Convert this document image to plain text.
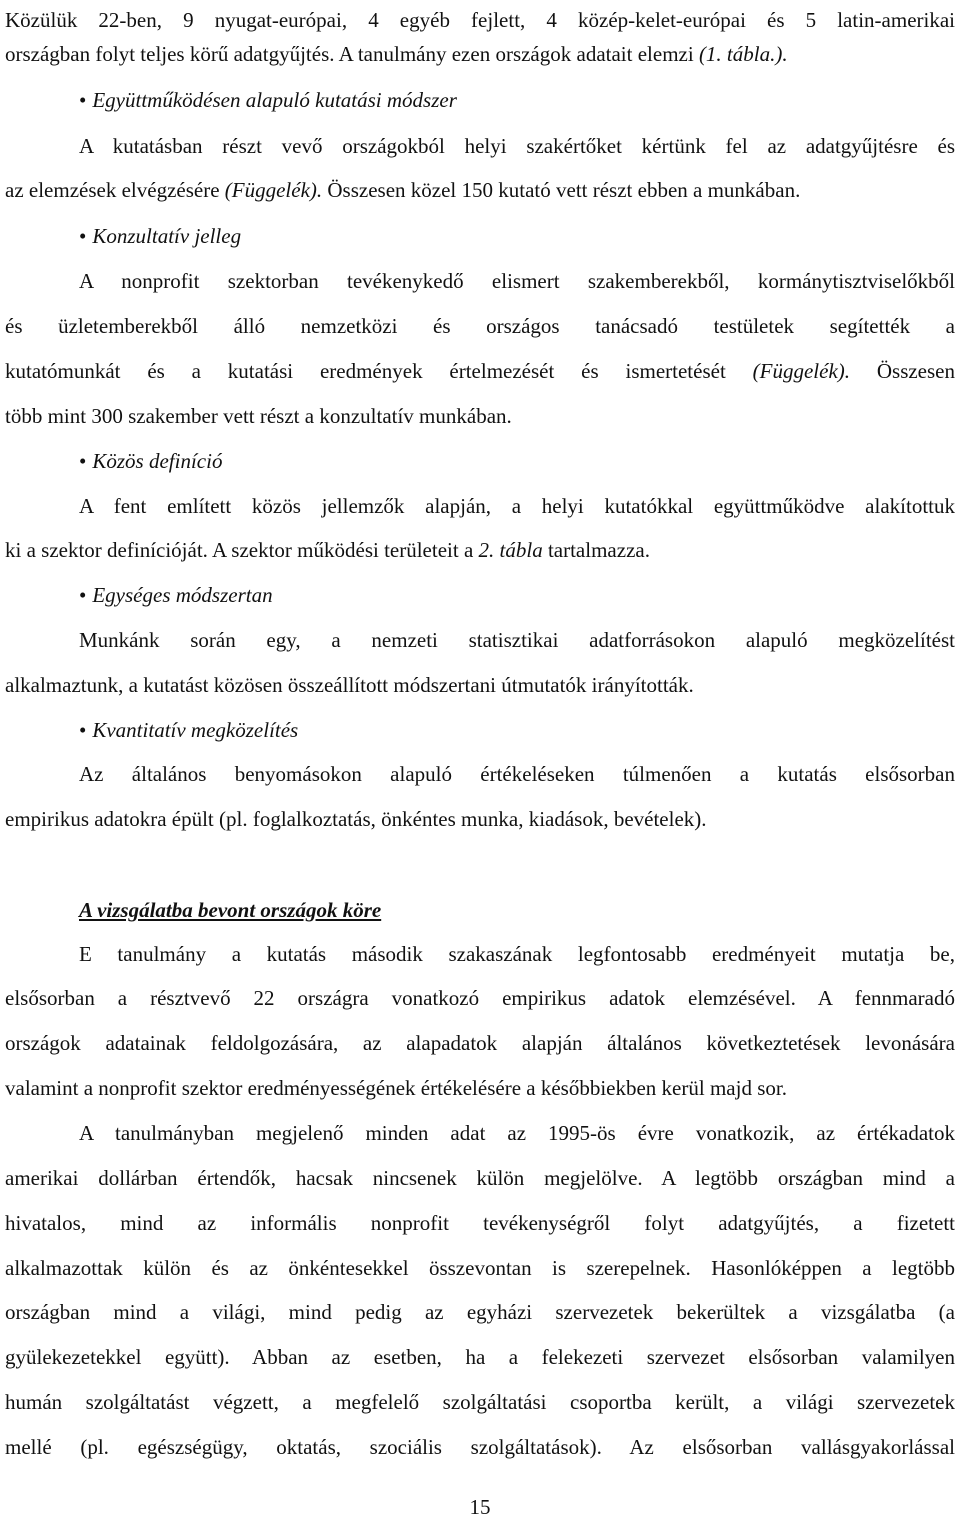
Közülük 22-ben, 9 nyugat-európai, 4 egyéb fejlett, 4 közép-kelet-európai és 5 latin-amerikai
országban folyt teljes körű adatgyűjtés. A tanulmány ezen országok adatait elemzi (1. tábla.).
• Együttműködésen alapuló kutatási módszer
A kutatásban részt vevő országokból helyi szakértőket kértünk fel az adatgyűjtésre és
az elemzések elvégzésére (Függelék). Összesen közel 150 kutató vett részt ebben a munkában.
• Konzultatív jelleg
A nonprofit szektorban tevékenykedő elismert szakemberekből, kormánytisztviselőkből
és üzletemberekből álló nemzetközi és országos tanácsadó testületek segítették a
kutatómunkát és a kutatási eredmények értelmezését és ismertetését (Függelék). Összesen
több mint 300 szakember vett részt a konzultatív munkában.
• Közös definíció
A fent említett közös jellemzők alapján, a helyi kutatókkal együttműködve alakítottuk
ki a szektor definícióját. A szektor működési területeit a 2. tábla tartalmazza.
• Egységes módszertan
Munkánk során egy, a nemzeti statisztikai adatforrásokon alapuló megközelítést
alkalmaztunk, a kutatást közösen összeállított módszertani útmutatók irányították.
• Kvantitatív megközelítés
Az általános benyomásokon alapuló értékeléseken túlmenően a kutatás elsősorban
empirikus adatokra épült (pl. foglalkoztatás, önkéntes munka, kiadások, bevételek).
A vizsgálatba bevont országok köre
E tanulmány a kutatás második szakaszának legfontosabb eredményeit mutatja be,
elsősorban a résztvevő 22 országra vonatkozó empirikus adatok elemzésével. A fennmaradó
országok adatainak feldolgozására, az alapadatok alapján általános következtetések levonására
valamint a nonprofit szektor eredményességének értékelésére a későbbiekben kerül majd sor.
A tanulmányban megjelenő minden adat az 1995-ös évre vonatkozik, az értékadatok
amerikai dollárban értendők, hacsak nincsenek külön megjelölve. A legtöbb országban mind a
hivatalos, mind az informális nonprofit tevékenységről folyt adatgyűjtés, a fizetett
alkalmazottak külön és az önkéntesekkel összevontan is szerepelnek. Hasonlóképpen a legtöbb
országban mind a világi, mind pedig az egyházi szervezetek bekerültek a vizsgálatba (a
gyülekezetekkel együtt). Abban az esetben, ha a felekezeti szervezet elsősorban valamilyen
humán szolgáltatást végzett, a megfelelő szolgáltatási csoportba került, a világi szervezetek
mellé (pl. egészségügy, oktatás, szociális szolgáltatások). Az elsősorban vallásgyakorlással
15
